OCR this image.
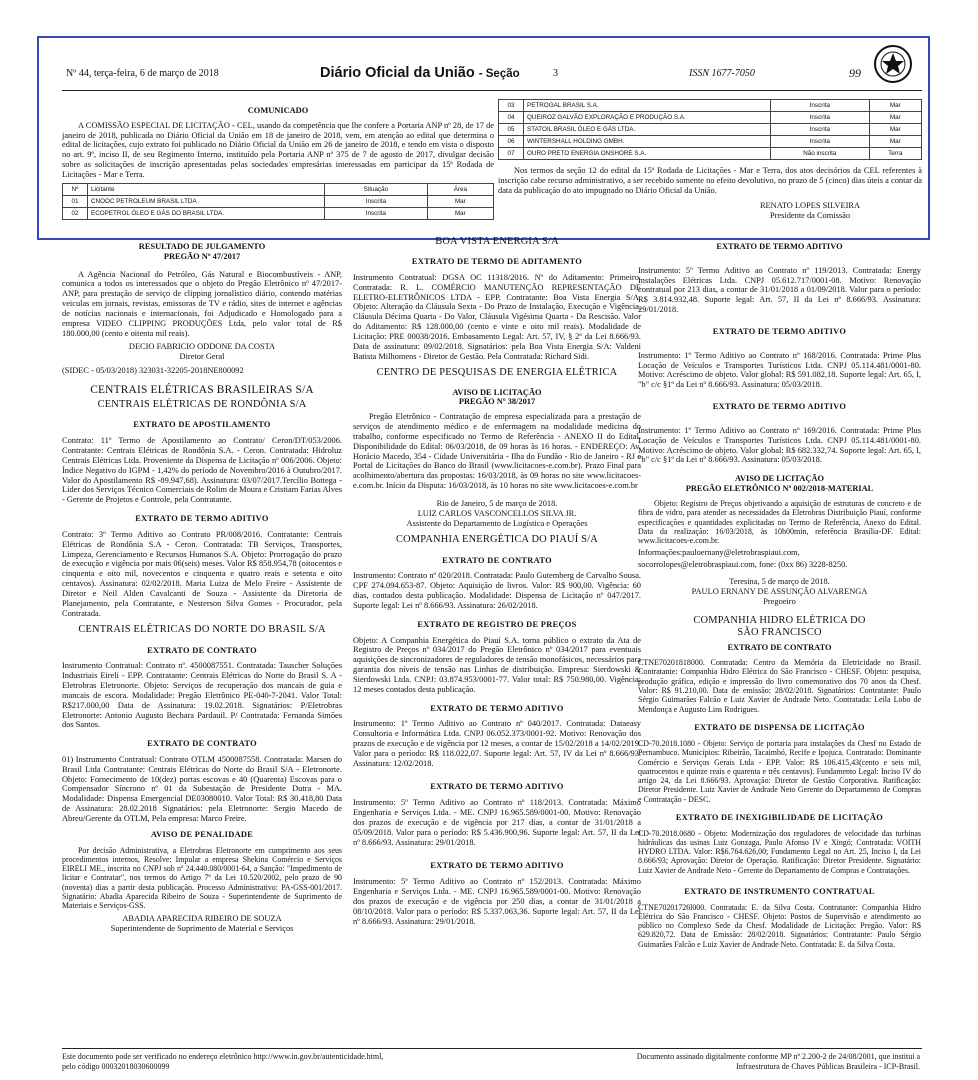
Nº 44, terça-feira, 6 de março de 2018	Diário Oficial da União - Seção	3	ISSN 1677-7050	99
COMUNICADO

A COMISSÃO ESPECIAL DE LICITAÇÃO - CEL, usando da competência que lhe confere a Portaria ANP nº 28, de 17 de janeiro de 2018, publicada no Diário Oficial da União em 18 de janeiro de 2018, vem, em atenção ao edital que determina o edital de licitações, cujo extrato foi publicado no Diário Oficial da União em 26 de janeiro de 2018, e tendo em vista o disposto no art. 9º, inciso II, de seu Regimento Interno, instituído pela Portaria ANP nº 375 de 7 de agosto de 2017, divulgar decisão sobre as solicitações de inscrição apresentadas pelas sociedades empresárias interessadas em participar da 15ª Rodada de Licitações - Mar e Terra.

Nº	Licitante	Situação	Área
01	CNOOC PETROLEUM BRASIL LTDA	Inscrita	Mar
02	ECOPETROL ÓLEO E GÁS DO BRASIL LTDA.	Inscrita	Mar
03	PETROGAL BRASIL S.A.	Inscrita	Mar
04	QUEIROZ GALVÃO EXPLORAÇÃO E PRODUÇÃO S.A.	Inscrita	Mar
05	STATOIL BRASIL ÓLEO E GÁS LTDA.	Inscrita	Mar
06	WINTERSHALL HOLDING GMBH.	Inscrita	Mar
07	OURO PRETO ENERGIA ONSHORE S.A.	Não inscrita	Terra

Nos termos da seção 12 do edital da 15ª Rodada de Licitações - Mar e Terra, dos atos decisórios da CEL referentes à inscrição cabe recurso administrativo, a ser recebido somente no efeito devolutivo, no prazo de 5 (cinco) dias úteis a contar da data da publicação do ato impugnado no Diário Oficial da União.

RENATO LOPES SILVEIRA
Presidente da Comissão
RESULTADO DE JULGAMENTO
PREGÃO Nº 47/2017

A Agência Nacional do Petróleo, Gás Natural e Biocombustíveis - ANP, comunica a todos os interessados que o objeto do Pregão Eletrônico nº 47/2017-ANP, para prestação de serviço de clipping jornalístico diário, contendo matérias veiculas em jornais, revistas, emissoras de TV e rádio, sites de internet e agências de notícias nacionais e internacionais, foi Adjudicado e Homologado para a empresa VIDEO CLIPPING PRODUÇÕES Ltda, pelo valor total de R$ 180.000,00 (cento e oitenta mil reais).

DECIO FABRICIO ODDONE DA COSTA
Diretor Geral

(SIDEC - 05/03/2018) 323031-32205-2018NE800092

CENTRAIS ELÉTRICAS BRASILEIRAS S/A
CENTRAIS ELÉTRICAS DE RONDÔNIA S/A
EXTRATO DE APOSTILAMENTO

Contrato: 11º Termo de Apostilamento ao Contrato/ Ceron/DT/053/2006. Contratante: Centrais Elétricas de Rondônia S.A. - Ceron. Contratada: Hidroluz Centrais Elétricas Ltda. Proveniente da Dispensa de Licitação nº 006/2006. Objeto: Índice Negativo do IGPM - 1,42% do período de Novembro/2016 à Outubro/2017. Valor do Apostilamento R$ -89.947,68). Assinatura: 03/07/2017.Tercílio Bottega - Líder dos Serviços Técnico Comerciais de Rolim de Moura e Cristiam Farias Alves - Gerente de Projetos e Controle, pela Contratante.

EXTRATO DE TERMO ADITIVO

Contrato: 3º Termo Aditivo ao Contrato PR/008/2016. Contratante: Centrais Elétricas de Rondônia S.A - Ceron. Contratada: TB Serviços, Transportes, Limpeza, Gerenciamento e Recursos Humanos S.A. Objeto: Prorrogação do prazo de execução e vigência por mais 06(seis) meses. Valor R$ 858.954,78 (oitocentos e cinquenta e oito mil, novecentos e cinquenta e quatro reais e setenta e oito centavos). Assinatura: 02/02/2018. Maria Luiza de Melo Freire - Assistente de Diretor e Neil Alden Cavalcanti de Souza - Assistente da Diretoria de Planejamento, pela Contratante, e Nesterson Silva Gomes - Procurador, pela Contratada.

CENTRAIS ELÉTRICAS DO NORTE DO BRASIL S/A
EXTRATO DE CONTRATO

Instrumento Contratual: Contrato nº. 4500087551. Contratada: Tauscher Soluções Industriais Eireli - EPP. Contratante: Centrais Elétricas do Norte do Brasil S. A - Eletrobras Eletronorte. Objeto: Serviços de recuperação dos mancais de guia e mancais de escora. Modalidade: Pregão Eletrônico PE-040-7-2041. Valor Total: R$217.000,00 Data de Assinatura: 19.02.2018. Signatários: P/Eletrobras Eletronorte: Antonio Augusto Bechara Pardauil. P/ Contratada: Fernanda Simões dos Santos.

EXTRATO DE CONTRATO

01) Instrumento Contratual: Contrato OTLM 4500087558. Contratada: Marsen do Brasil Ltda Contratante: Centrais Elétricas do Norte do Brasil S/A - Eletronorte. Objeto: Fornecimento de 10(dez) portas escovas e 40 (Quarenta) Escovas para o Compensador Síncrono nº 01 da Subestação de Presidente Dutra - MA. Modalidade: Dispensa Emergencial DE03080010. Valor Total: R$ 30.418,80 Data de Assinatura: 28.02.2018 Signatários: pela Eletronorte: Sergio Macedo de Abreu/Gerente da OTLM, Pela empresa: Marco Freire.

AVISO DE PENALIDADE

Por decisão Administrativa, a Eletrobras Eletronorte em cumprimento aos seus procedimentos internos, Resolve: Impular a empresa Shekina Comércio e Serviços EIRELI ME., inscrita no CNPJ sob nº 24.440.080/0001-64, a Sanção: "Impedimento de licitar e Contratar", nos termos do Artigo 7º da Lei 10.520/2002, pelo prazo de 90 (noventa) dias a partir desta publicação. Processo Administrativo: PA-GSS-001/2017. Signatário: Abadia Aparecida Ribeiro de Souza - Superintendente de Suprimento de Materiais e Serviços-GSS.

ABADIA APARECIDA RIBEIRO DE SOUZA
Superintendente de Suprimento de Material e Serviços
BOA VISTA ENERGIA S/A
EXTRATO DE TERMO DE ADITAMENTO

Instrumento Contratual: DGSA OC 11318/2016. Nº do Aditamento: Primeiro. Contratada: R. L. COMÉRCIO MANUTENÇÃO REPRESENTAÇÃO DE ELETRO-ELETRÔNICOS LTDA - EPP. Contratante: Boa Vista Energia S/A. Objeto: Alteração da Cláusula Sexta - Do Prazo de Instalação, Execução e Vigência, Cláusula Décima Quarta - Do Valor, Cláusula Vigésima Quarta - Da Rescisão. Valor do Aditamento: R$ 128.000,00 (cento e vinte e oito mil reais). Modalidade de Licitação: PRE 00038/2016. Embasamento Legal: Art. 57, IV, § 2º da Lei 8.666/93. Data de assinatura: 09/02/2018. Signatários: pela Boa Vista Energia S/A: Valdeni Batista Milhomens - Diretor de Gestão. Pela Contratada: Richard Sidi.

CENTRO DE PESQUISAS DE ENERGIA ELÉTRICA
AVISO DE LICITAÇÃO
PREGÃO Nº 38/2017

Pregão Eletrônico - Contratação de empresa especializada para a prestação de serviços de atendimento médico e de enfermagem na modalidade medicina do trabalho, conforme especificado no Termo de Referência - ANEXO II do Edital. Disponibilidade do Edital: 06/03/2018, de 09 horas às 16 horas. - ENDEREÇO: Av. Horácio Macedo, 354 - Cidade Universitária - Ilha do Fundão - Rio de Janeiro - RJ e Portal de Licitações do Banco do Brasil (www.licitacoes-e.com.br). Prazo Final para acolhimento/abertura das propostas: 16/03/2018, às 09 horas no site www.licitacoes-e.com.br. Início da Disputa: 16/03/2018, às 10 horas no site www.licitacoes-e.com.br

Rio de Janeiro, 5 de março de 2018.
LUIZ CARLOS VASCONCELLOS SILVA JR.
Assistente do Departamento de Logística e Operações
COMPANHIA ENERGÉTICA DO PIAUÍ S/A
EXTRATO DE CONTRATO

Instrumento: Contrato nº 020/2018. Contratada: Paulo Gutemberg de Carvalho Sousa. CPF 274.094.653-87. Objeto: Aquisição de livros. Valor: R$ 900,00. Vigência: 60 dias, contados desta publicação. Modalidade: Dispensa de Licitação nº 047/2017. Suporte legal: Lei nº 8.666/93. Assinatura: 26/02/2018.

EXTRATO DE REGISTRO DE PREÇOS

Objeto: A Companhia Energética do Piauí S.A. torna público o extrato da Ata de Registro de Preços nº 034/2017 do Pregão Eletrônico nº 034/2017 para eventuais aquisições de sincronizadores de reguladores de tensão monofásicos, necessários para garantia dos níveis de tensão nas Linhas de distribuição. Empresa: Sierdowski & Sierdowski Ltda. CNPJ: 03.874.953/0001-77. Valor total: R$ 750.980,00. Vigência: 12 meses contados desta publicação.

EXTRATO DE TERMO ADITIVO

Instrumento: 1º Termo Aditivo ao Contrato nº 040/2017. Contratada: Dataeasy Consultoria e Informática Ltda. CNPJ 06.052.373/0001-92. Motivo: Renovação dos prazos de execução e de vigência por 12 meses, a contar de 15/02/2018 a 14/02/2019. Valor para o período: R$ 118.022,07. Suporte legal: Art. 57, IV da Lei nº 8.666/93. Assinatura: 12/02/2018.

EXTRATO DE TERMO ADITIVO

Instrumento: 5º Termo Aditivo ao Contrato nº 118/2013. Contratada: Máximo Engenharia e Serviços Ltda. - ME. CNPJ 16.965.589/0001-00. Motivo: Renovação dos prazos de execução e de vigência por 217 dias, a contar de 31/01/2018 a 05/09/2018. Valor para o período: R$ 5.436.900,96. Suporte legal: Art. 57, II da Lei nº 8.666/93. Assinatura: 29/01/2018.

EXTRATO DE TERMO ADITIVO

Instrumento: 5º Termo Aditivo ao Contrato nº 152/2013. Contratada: Máximo Engenharia e Serviços Ltda. - ME. CNPJ 16.965.589/0001-00. Motivo: Renovação dos prazos de execução e de vigência por 250 dias, a contar de 31/01/2018 a 08/10/2018. Valor para o período: R$ 5.337.063,36. Suporte legal: Art. 57, II da Lei nº 8.666/93. Assinatura: 29/01/2018.

EXTRATO DE TERMO ADITIVO

Instrumento: 5º Termo Aditivo ao Contrato nº 119/2013. Contratada: Energy Instalações Elétricas Ltda. CNPJ 05.612.717/0001-08. Motivo: Renovação contratual por 213 dias, a contar de 31/01/2018 a 01/09/2018. Valor para o período: R$ 3.814.932,48. Suporte legal: Art. 57, II da Lei nº 8.666/93. Assinatura: 29/01/2018.

EXTRATO DE TERMO ADITIVO

Instrumento: 1º Termo Aditivo ao Contrato nº 168/2016. Contratada: Prime Plus Locação de Veículos e Transportes Turísticos Ltda. CNPJ 05.114.481/0001-80. Motivo: Acréscimo de objeto. Valor global: R$ 591.082,18. Suporte legal: Art. 65, I, "b" c/c §1º da Lei nº 8.666/93. Assinatura: 05/03/2018.

EXTRATO DE TERMO ADITIVO

Instrumento: 1º Termo Aditivo ao Contrato nº 169/2016. Contratada: Prime Plus Locação de Veículos e Transportes Turísticos Ltda. CNPJ 05.114.481/0001-80. Motivo: Acréscimo de objeto. Valor global: R$ 682.332,74. Suporte legal: Art. 65, I, "b" c/c §1º da Lei nº 8.666/93. Assinatura: 05/03/2018.

AVISO DE LICITAÇÃO
PREGÃO ELETRÔNICO Nº 002/2018-MATERIAL

Objeto: Registro de Preços objetivando a aquisição de estruturas de concreto e de fibra de vidro, para atender as necessidades da Eletrobras Distribuição Piauí, conforme especificações e quantidades explicitadas no Termo de Referência, Anexo do Edital. Data da realização: 16/03/2018, às 10h00min, referência Brasília-DF. Edital: www.licitacoes-e.com.br.

Informações:pauloernany@eletrobraspiaui.com,

socorrolopes@eletrobraspiaui.com, fone: (0xx 86) 3228-8250.

Teresina, 5 de março de 2018.
PAULO ERNANY DE ASSUNÇÃO ALVARENGA
Pregoeiro
COMPANHIA HIDRO ELÉTRICA DO
SÃO FRANCISCO
EXTRATO DE CONTRATO

CTNE70201818000. Contratada: Centro da Memória da Eletricidade no Brasil. Contratante: Companhia Hidro Elétrica do São Francisco - CHESF. Objeto: pesquisa, produção gráfica, edição e impressão do livro comemorativo dos 70 anos da Chesf. Valor: R$ 91.210,00. Data de emissão: 28/02/2018. Signatários: Contratante: Paulo Sérgio Guimarães Falcão e Luiz Xavier de Andrade Neto. Contratada: Leila Lobo de Mendonça e Augusto Lins Rodrigues.

EXTRATO DE DISPENSA DE LICITAÇÃO

CD-70.2018.1080 - Objeto: Serviço de portaria para instalações da Chesf no Estado de Pernambuco. Municípios: Ribeirão, Tacaimbó, Recife e Ipojuca. Contratado: Dominante Comércio e Serviços Gerais Ltda - EPP. Valor: R$ 106.415,43(cento e seis mil, quatrocentos e quinze reais e quarenta e três centavos). Fundamento Legal: Inciso IV do artigo 24, da Lei 8.666/93. Aprovação: Diretor de Gestão Corporativa. Ratificação: Diretor Presidente. Luiz Xavier de Andrade Neto Gerente do Departamento de Compras e Contratação - DESC.

EXTRATO DE INEXIGIBILIDADE DE LICITAÇÃO

CD-70.2018.0680 - Objeto: Modernização dos reguladores de velocidade das turbinas hidráulicas das usinas Luiz Gonzaga, Paulo Afonso IV e Xingó; Contratada: VOITH HYDRO LTDA. Valor: R$6.764.626,00; Fundamento Legal no Art. 25, Inciso I, da Lei 8.666/93; Aprovação: Diretor de Operação. Ratificação: Diretor Presidente. Signatário: Luiz Xavier de Andrade Neto - Gerente do Departamento de Compras e Contratações.

EXTRATO DE INSTRUMENTO CONTRATUAL

CTNE70201726l000. Contratada: E. da Silva Costa. Contratante: Companhia Hidro Elétrica do São Francisco - CHESF. Objeto: Postos de Supervisão e atendimento ao público no Complexo Sede da Chesf. Modalidade de Licitação: Pregão. Valor: R$ 629.820,72. Data de Emissão: 28/02/2018. Signatários: Contratante: Paulo Sérgio Guimarães Falcão e Luiz Xavier de Andrade Neto. Contratada: E. da Silva Costa.

Este documento pode ser verificado no endereço eletrônico http://www.in.gov.br/autenticidade.html,
pelo código 00032018030600099
Documento assinado digitalmente conforme MP nº 2.200-2 de 24/08/2001, que institui a
Infraestrutura de Chaves Públicas Brasileira - ICP-Brasil.
